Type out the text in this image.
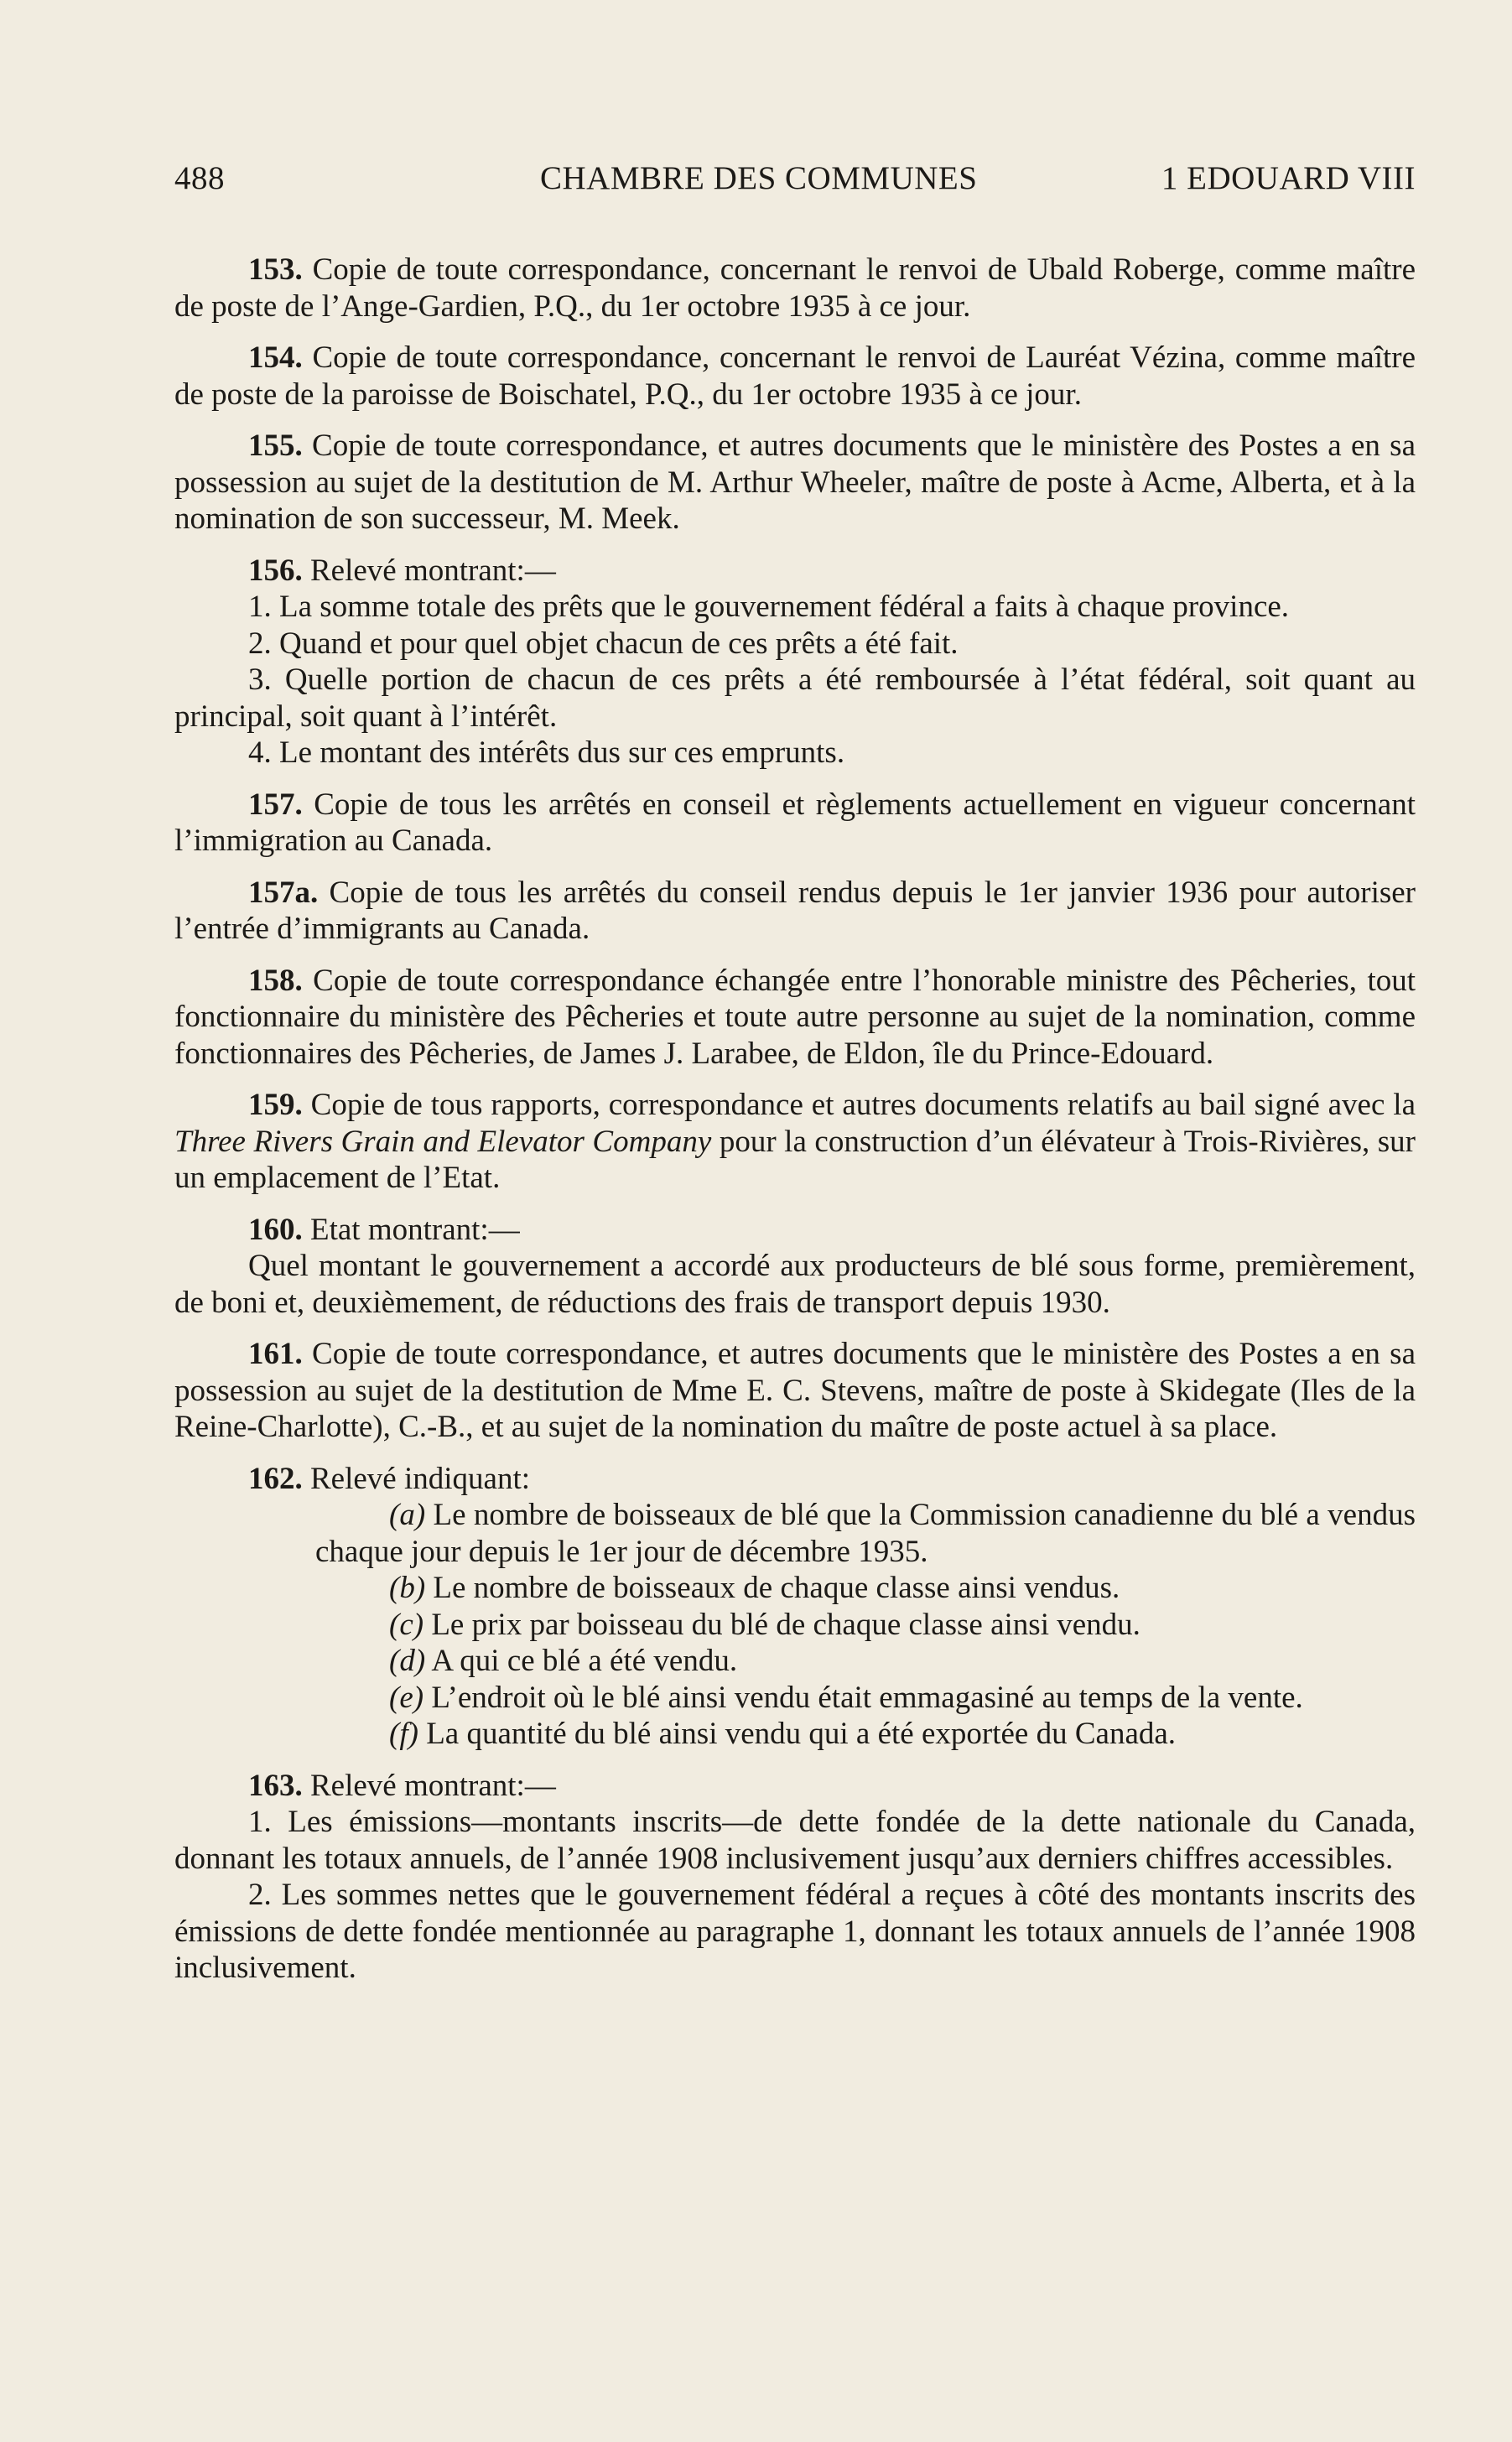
488	CHAMBRE DES COMMUNES	1 EDOUARD VIII

153. Copie de toute correspondance, concernant le renvoi de Ubald Roberge, comme maître de poste de l’Ange-Gardien, P.Q., du 1er octobre 1935 à ce jour.

154. Copie de toute correspondance, concernant le renvoi de Lauréat Vézina, comme maître de poste de la paroisse de Boischatel, P.Q., du 1er octobre 1935 à ce jour.

155. Copie de toute correspondance, et autres documents que le ministère des Postes a en sa possession au sujet de la destitution de M. Arthur Wheeler, maître de poste à Acme, Alberta, et à la nomination de son successeur, M. Meek.

156. Relevé montrant:—

1. La somme totale des prêts que le gouvernement fédéral a faits à chaque province.

2. Quand et pour quel objet chacun de ces prêts a été fait.

3. Quelle portion de chacun de ces prêts a été remboursée à l’état fédéral, soit quant au principal, soit quant à l’intérêt.

4. Le montant des intérêts dus sur ces emprunts.

157. Copie de tous les arrêtés en conseil et règlements actuellement en vigueur concernant l’immigration au Canada.

157a. Copie de tous les arrêtés du conseil rendus depuis le 1er janvier 1936 pour autoriser l’entrée d’immigrants au Canada.

158. Copie de toute correspondance échangée entre l’honorable ministre des Pêcheries, tout fonctionnaire du ministère des Pêcheries et toute autre personne au sujet de la nomination, comme fonctionnaires des Pêcheries, de James J. Larabee, de Eldon, île du Prince-Edouard.

159. Copie de tous rapports, correspondance et autres documents relatifs au bail signé avec la Three Rivers Grain and Elevator Company pour la construction d’un élévateur à Trois-Rivières, sur un emplacement de l’Etat.

160. Etat montrant:—

Quel montant le gouvernement a accordé aux producteurs de blé sous forme, premièrement, de boni et, deuxièmement, de réductions des frais de transport depuis 1930.

161. Copie de toute correspondance, et autres documents que le ministère des Postes a en sa possession au sujet de la destitution de Mme E. C. Stevens, maître de poste à Skidegate (Iles de la Reine-Charlotte), C.-B., et au sujet de la nomination du maître de poste actuel à sa place.

162. Relevé indiquant:

(a) Le nombre de boisseaux de blé que la Commission canadienne du blé a vendus chaque jour depuis le 1er jour de décembre 1935.

(b) Le nombre de boisseaux de chaque classe ainsi vendus.

(c) Le prix par boisseau du blé de chaque classe ainsi vendu.

(d) A qui ce blé a été vendu.

(e) L’endroit où le blé ainsi vendu était emmagasiné au temps de la vente.

(f) La quantité du blé ainsi vendu qui a été exportée du Canada.

163. Relevé montrant:—

1. Les émissions—montants inscrits—de dette fondée de la dette nationale du Canada, donnant les totaux annuels, de l’année 1908 inclusivement jusqu’aux derniers chiffres accessibles.

2. Les sommes nettes que le gouvernement fédéral a reçues à côté des montants inscrits des émissions de dette fondée mentionnée au paragraphe 1, donnant les totaux annuels de l’année 1908 inclusivement.
